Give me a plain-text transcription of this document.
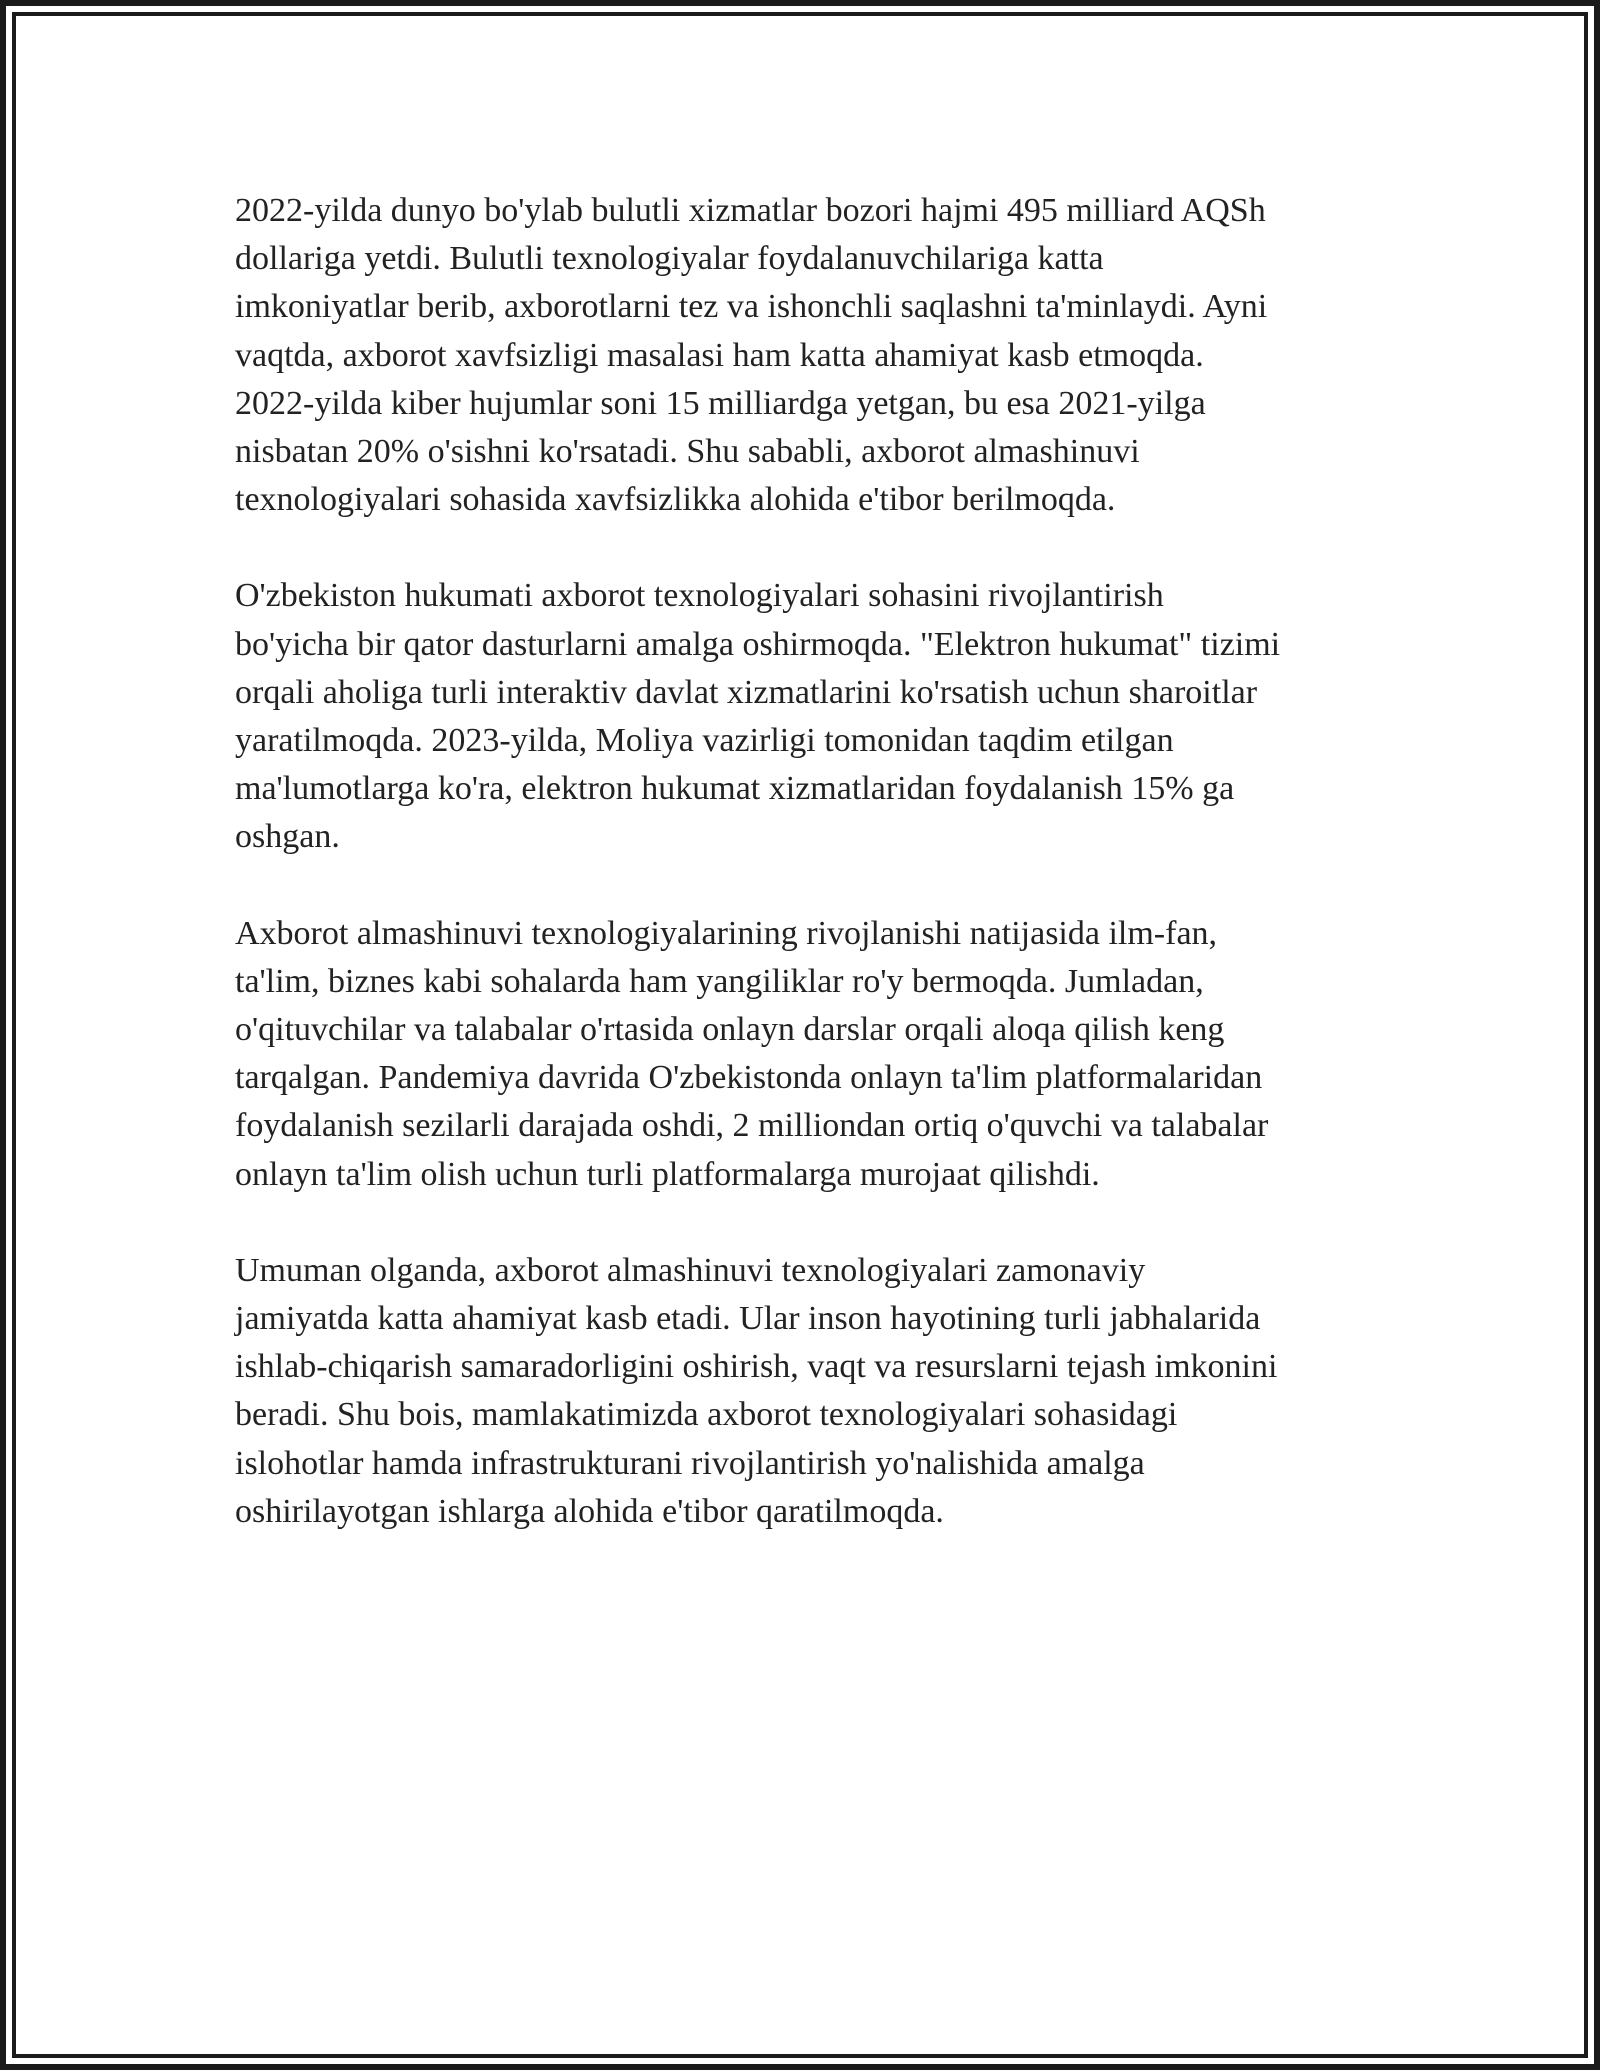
2022-yilda dunyo bo'ylab bulutli xizmatlar bozori hajmi 495 milliard AQSh
dollariga yetdi. Bulutli texnologiyalar foydalanuvchilariga katta
imkoniyatlar berib, axborotlarni tez va ishonchli saqlashni ta'minlaydi. Ayni
vaqtda, axborot xavfsizligi masalasi ham katta ahamiyat kasb etmoqda.
2022-yilda kiber hujumlar soni 15 milliardga yetgan, bu esa 2021-yilga
nisbatan 20% o'sishni ko'rsatadi. Shu sababli, axborot almashinuvi
texnologiyalari sohasida xavfsizlikka alohida e'tibor berilmoqda.

O'zbekiston hukumati axborot texnologiyalari sohasini rivojlantirish
bo'yicha bir qator dasturlarni amalga oshirmoqda. "Elektron hukumat" tizimi
orqali aholiga turli interaktiv davlat xizmatlarini ko'rsatish uchun sharoitlar
yaratilmoqda. 2023-yilda, Moliya vazirligi tomonidan taqdim etilgan
ma'lumotlarga ko'ra, elektron hukumat xizmatlaridan foydalanish 15% ga
oshgan.

Axborot almashinuvi texnologiyalarining rivojlanishi natijasida ilm-fan,
ta'lim, biznes kabi sohalarda ham yangiliklar ro'y bermoqda. Jumladan,
o'qituvchilar va talabalar o'rtasida onlayn darslar orqali aloqa qilish keng
tarqalgan. Pandemiya davrida O'zbekistonda onlayn ta'lim platformalaridan
foydalanish sezilarli darajada oshdi, 2 milliondan ortiq o'quvchi va talabalar
onlayn ta'lim olish uchun turli platformalarga murojaat qilishdi.

Umuman olganda, axborot almashinuvi texnologiyalari zamonaviy
jamiyatda katta ahamiyat kasb etadi. Ular inson hayotining turli jabhalarida
ishlab-chiqarish samaradorligini oshirish, vaqt va resurslarni tejash imkonini
beradi. Shu bois, mamlakatimizda axborot texnologiyalari sohasidagi
islohotlar hamda infrastrukturani rivojlantirish yo'nalishida amalga
oshirilayotgan ishlarga alohida e'tibor qaratilmoqda.
